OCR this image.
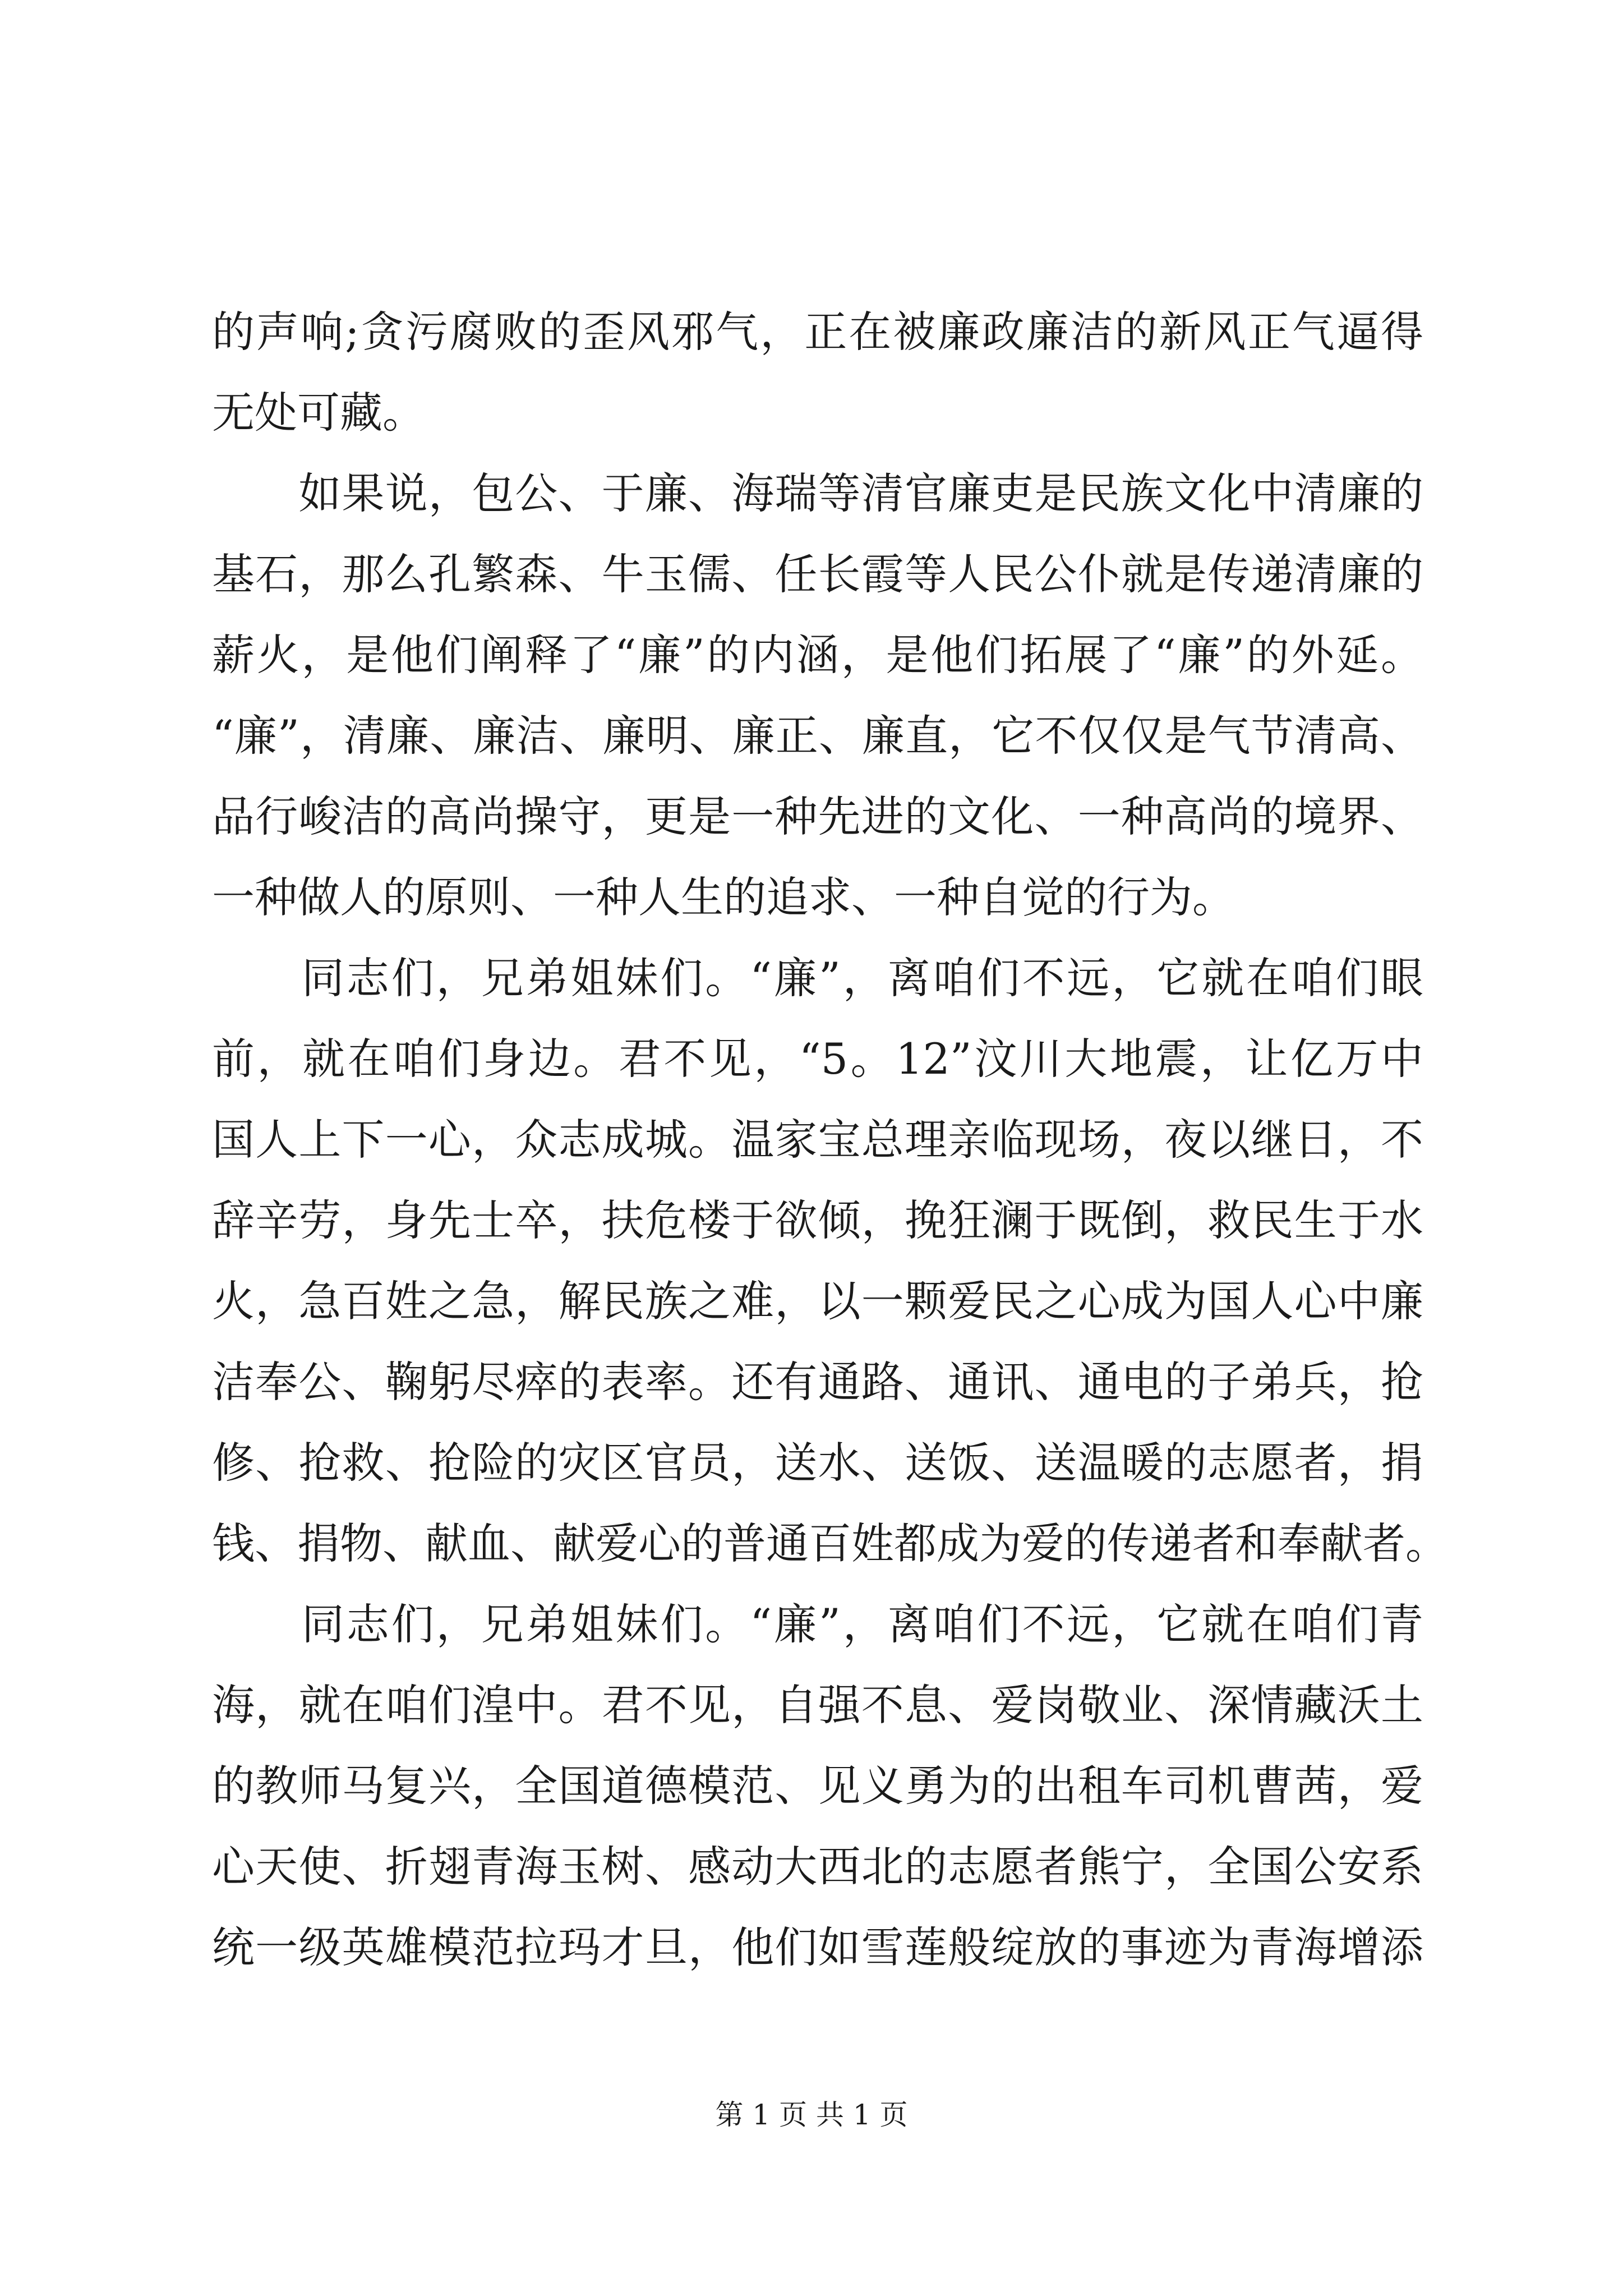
的声响;贪污腐败的歪风邪气，正在被廉政廉洁的新风正气逼得
无处可藏。
　　如果说，包公、于廉、海瑞等清官廉吏是民族文化中清廉的
基石，那么孔繁森、牛玉儒、任长霞等人民公仆就是传递清廉的
薪火，是他们阐释了“廉”的内涵，是他们拓展了“廉”的外延。
“廉”，清廉、廉洁、廉明、廉正、廉直，它不仅仅是气节清高、
品行峻洁的高尚操守，更是一种先进的文化、一种高尚的境界、
一种做人的原则、一种人生的追求、一种自觉的行为。
　　同志们，兄弟姐妹们。“廉”，离咱们不远，它就在咱们眼
前，就在咱们身边。君不见，“5。12”汶川大地震，让亿万中
国人上下一心，众志成城。温家宝总理亲临现场，夜以继日，不
辞辛劳，身先士卒，扶危楼于欲倾，挽狂澜于既倒，救民生于水
火，急百姓之急，解民族之难，以一颗爱民之心成为国人心中廉
洁奉公、鞠躬尽瘁的表率。还有通路、通讯、通电的子弟兵，抢
修、抢救、抢险的灾区官员，送水、送饭、送温暖的志愿者，捐
钱、捐物、献血、献爱心的普通百姓都成为爱的传递者和奉献者。
　　同志们，兄弟姐妹们。“廉”，离咱们不远，它就在咱们青
海，就在咱们湟中。君不见，自强不息、爱岗敬业、深情藏沃土
的教师马复兴，全国道德模范、见义勇为的出租车司机曹茜，爱
心天使、折翅青海玉树、感动大西北的志愿者熊宁，全国公安系
统一级英雄模范拉玛才旦，他们如雪莲般绽放的事迹为青海增添
第 1 页 共 1 页
